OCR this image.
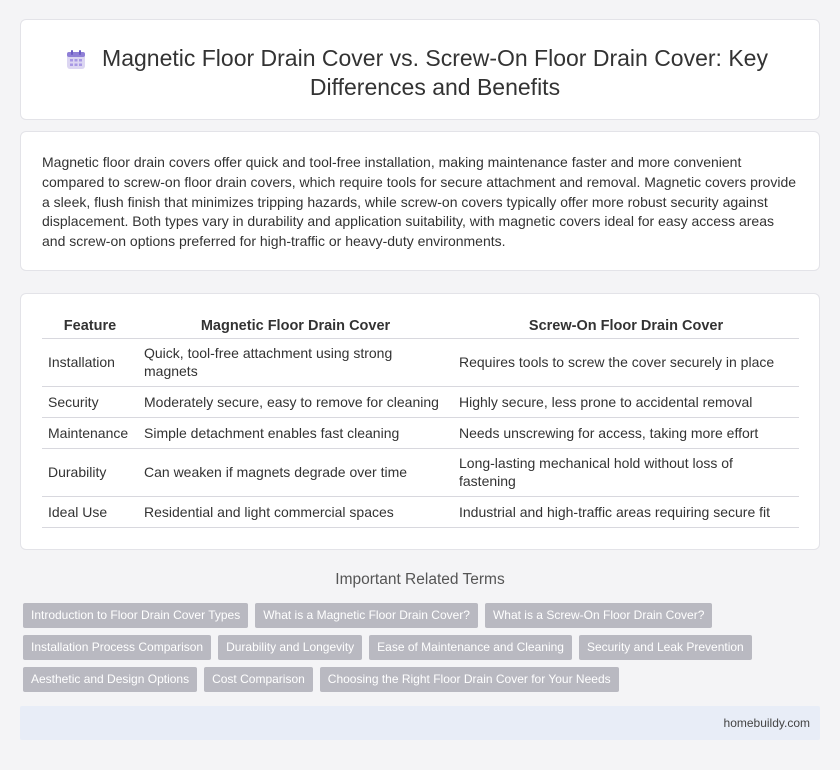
Magnetic Floor Drain Cover vs. Screw-On Floor Drain Cover: Key Differences and Benefits

Magnetic floor drain covers offer quick and tool-free installation, making maintenance faster and more convenient compared to screw-on floor drain covers, which require tools for secure attachment and removal. Magnetic covers provide a sleek, flush finish that minimizes tripping hazards, while screw-on covers typically offer more robust security against displacement. Both types vary in durability and application suitability, with magnetic covers ideal for easy access areas and screw-on options preferred for high-traffic or heavy-duty environments.

Feature	Magnetic Floor Drain Cover	Screw-On Floor Drain Cover
Installation	Quick, tool-free attachment using strong magnets	Requires tools to screw the cover securely in place
Security	Moderately secure, easy to remove for cleaning	Highly secure, less prone to accidental removal
Maintenance	Simple detachment enables fast cleaning	Needs unscrewing for access, taking more effort
Durability	Can weaken if magnets degrade over time	Long-lasting mechanical hold without loss of fastening
Ideal Use	Residential and light commercial spaces	Industrial and high-traffic areas requiring secure fit
Important Related Terms
Introduction to Floor Drain Cover Types	What is a Magnetic Floor Drain Cover?	What is a Screw-On Floor Drain Cover?
Installation Process Comparison	Durability and Longevity	Ease of Maintenance and Cleaning	Security and Leak Prevention
Aesthetic and Design Options	Cost Comparison	Choosing the Right Floor Drain Cover for Your Needs
homebuildy.com
